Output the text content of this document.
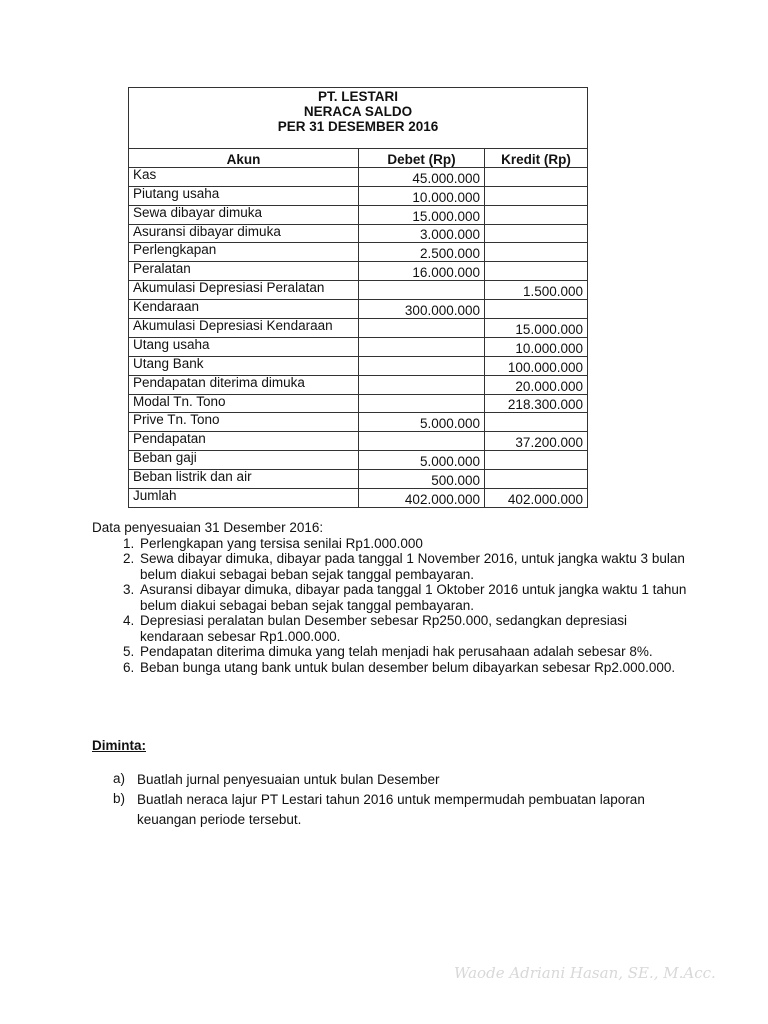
PT. LESTARI
NERACA SALDO
PER 31 DESEMBER 2016		

Akun	Debet (Rp)	Kredit (Rp)
Kas	45.000.000	
Piutang usaha	10.000.000	
Sewa dibayar dimuka	15.000.000	
Asuransi dibayar dimuka	3.000.000	
Perlengkapan	2.500.000	
Peralatan	16.000.000	
Akumulasi Depresiasi Peralatan		1.500.000
Kendaraan	300.000.000	
Akumulasi Depresiasi Kendaraan		15.000.000
Utang usaha		10.000.000
Utang Bank		100.000.000
Pendapatan diterima dimuka		20.000.000
Modal Tn. Tono		218.300.000
Prive Tn. Tono	5.000.000	
Pendapatan		37.200.000
Beban gaji	5.000.000	
Beban listrik dan air	500.000	
Jumlah	402.000.000	402.000.000
Data penyesuaian 31 Desember 2016:
1. Perlengkapan yang tersisa senilai Rp1.000.000
2. Sewa dibayar dimuka, dibayar pada tanggal 1 November 2016, untuk jangka waktu 3 bulan belum diakui sebagai beban sejak tanggal pembayaran.
3. Asuransi dibayar dimuka, dibayar pada tanggal 1 Oktober 2016 untuk jangka waktu 1 tahun belum diakui sebagai beban sejak tanggal pembayaran.
4. Depresiasi peralatan bulan Desember sebesar Rp250.000, sedangkan depresiasi kendaraan sebesar Rp1.000.000.
5. Pendapatan diterima dimuka yang telah menjadi hak perusahaan adalah sebesar 8%.
6. Beban bunga utang bank untuk bulan desember belum dibayarkan sebesar Rp2.000.000.
Diminta:
a) Buatlah jurnal penyesuaian untuk bulan Desember
b) Buatlah neraca lajur PT Lestari tahun 2016 untuk mempermudah pembuatan laporan keuangan periode tersebut.
Waode Adriani Hasan, SE., M.Acc.
